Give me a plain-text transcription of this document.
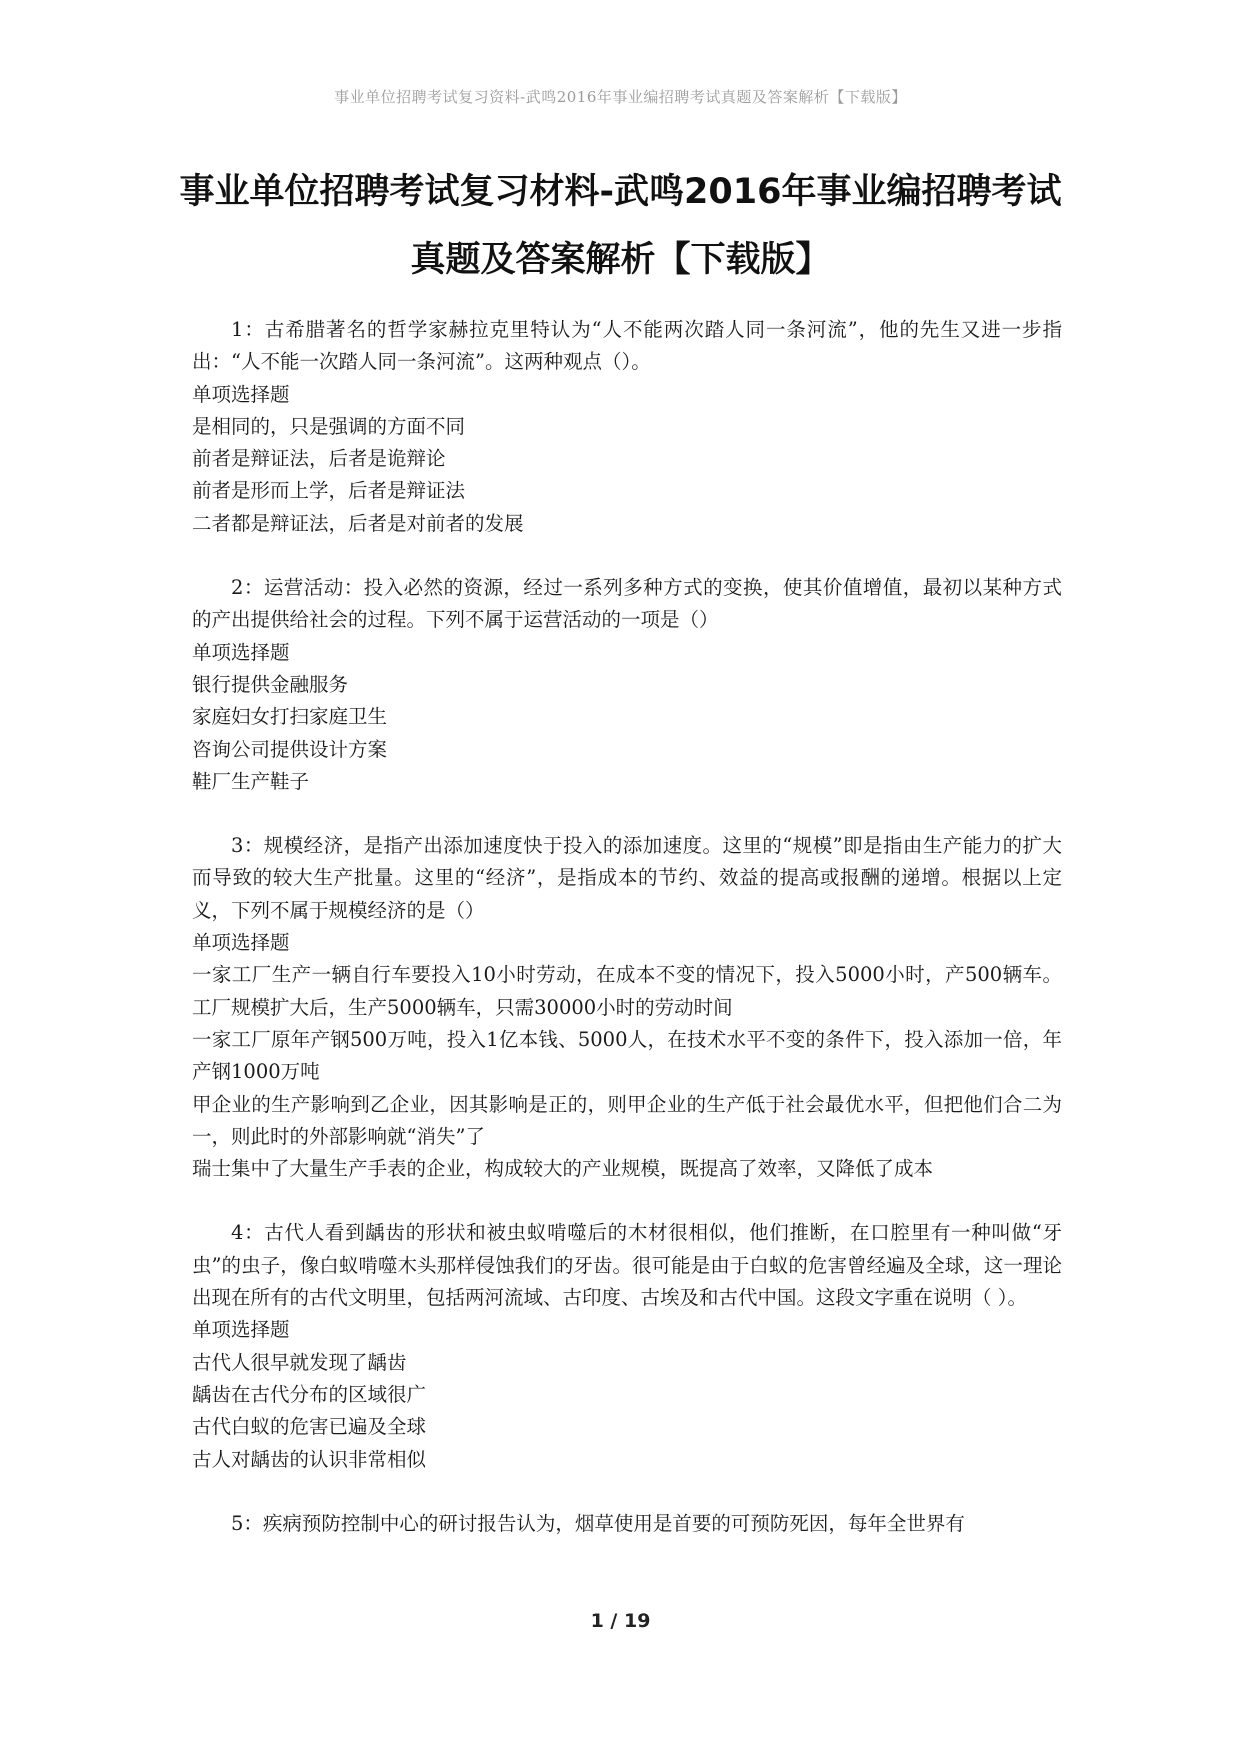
事业单位招聘考试复习资料-武鸣2016年事业编招聘考试真题及答案解析【下载版】
事业单位招聘考试复习材料-武鸣2016年事业编招聘考试
真题及答案解析【下载版】
1：古希腊著名的哲学家赫拉克里特认为“人不能两次踏人同一条河流”，他的先生又进一步指出：“人不能一次踏人同一条河流”。这两种观点（）。
单项选择题
是相同的，只是强调的方面不同
前者是辩证法，后者是诡辩论
前者是形而上学，后者是辩证法
二者都是辩证法，后者是对前者的发展
2：运营活动：投入必然的资源，经过一系列多种方式的变换，使其价值增值，最初以某种方式的产出提供给社会的过程。下列不属于运营活动的一项是（）
单项选择题
银行提供金融服务
家庭妇女打扫家庭卫生
咨询公司提供设计方案
鞋厂生产鞋子
3：规模经济，是指产出添加速度快于投入的添加速度。这里的“规模”即是指由生产能力的扩大而导致的较大生产批量。这里的“经济”，是指成本的节约、效益的提高或报酬的递增。根据以上定义，下列不属于规模经济的是（）
单项选择题
一家工厂生产一辆自行车要投入10小时劳动，在成本不变的情况下，投入5000小时，产500辆车。工厂规模扩大后，生产5000辆车，只需30000小时的劳动时间
一家工厂原年产钢500万吨，投入1亿本钱、5000人，在技术水平不变的条件下，投入添加一倍，年产钢1000万吨
甲企业的生产影响到乙企业，因其影响是正的，则甲企业的生产低于社会最优水平，但把他们合二为一，则此时的外部影响就“消失”了
瑞士集中了大量生产手表的企业，构成较大的产业规模，既提高了效率，又降低了成本
4：古代人看到龋齿的形状和被虫蚁啃噬后的木材很相似，他们推断，在口腔里有一种叫做“牙虫”的虫子，像白蚁啃噬木头那样侵蚀我们的牙齿。很可能是由于白蚁的危害曾经遍及全球，这一理论出现在所有的古代文明里，包括两河流域、古印度、古埃及和古代中国。这段文字重在说明（ ）。
单项选择题
古代人很早就发现了龋齿
龋齿在古代分布的区域很广
古代白蚁的危害已遍及全球
古人对龋齿的认识非常相似
5：疾病预防控制中心的研讨报告认为，烟草使用是首要的可预防死因，每年全世界有
1 / 19
